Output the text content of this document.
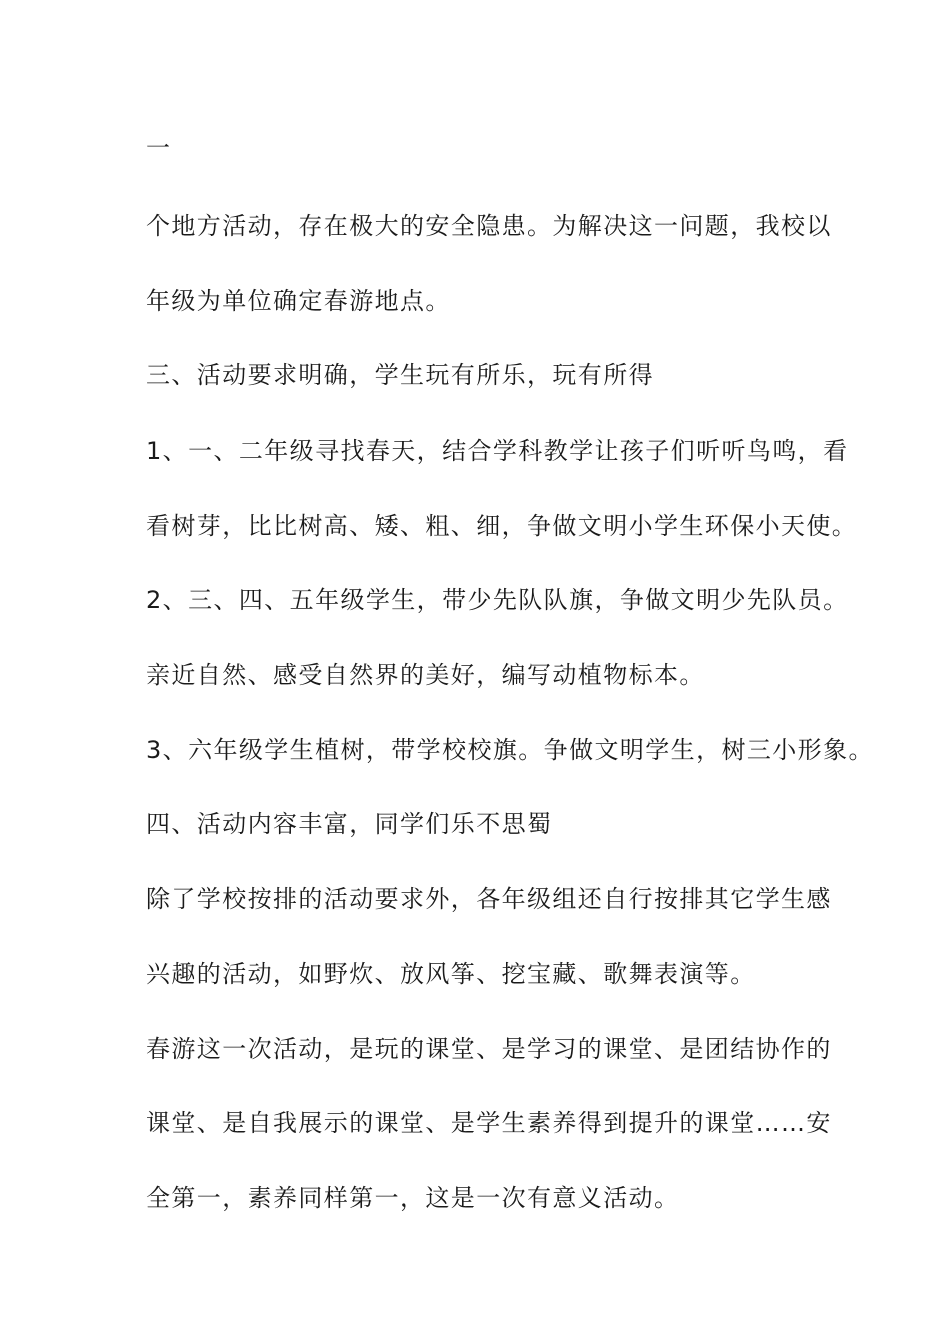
一

个地方活动，存在极大的安全隐患。为解决这一问题，我校以

年级为单位确定春游地点。

三、活动要求明确，学生玩有所乐，玩有所得

1、一、二年级寻找春天，结合学科教学让孩子们听听鸟鸣，看

看树芽，比比树高、矮、粗、细，争做文明小学生环保小天使。

2、三、四、五年级学生，带少先队队旗，争做文明少先队员。

亲近自然、感受自然界的美好，编写动植物标本。

3、六年级学生植树，带学校校旗。争做文明学生，树三小形象。

四、活动内容丰富，同学们乐不思蜀

除了学校按排的活动要求外，各年级组还自行按排其它学生感

兴趣的活动，如野炊、放风筝、挖宝藏、歌舞表演等。

春游这一次活动，是玩的课堂、是学习的课堂、是团结协作的

课堂、是自我展示的课堂、是学生素养得到提升的课堂……安

全第一，素养同样第一，这是一次有意义活动。
